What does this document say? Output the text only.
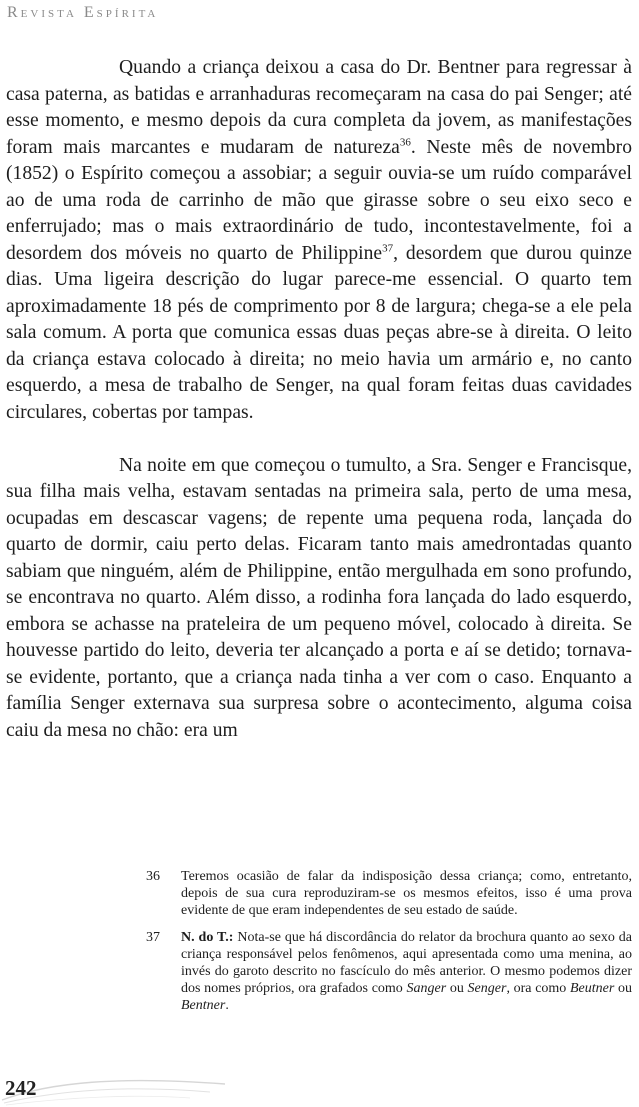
Revista Espírita

Quando a criança deixou a casa do Dr. Bentner para regressar à casa paterna, as batidas e arranhaduras recomeçaram na casa do pai Senger; até esse momento, e mesmo depois da cura completa da jovem, as manifestações foram mais marcantes e mudaram de natureza$^{36}$. Neste mês de novembro (1852) o Espírito começou a assobiar; a seguir ouvia-se um ruído comparável ao de uma roda de carrinho de mão que girasse sobre o seu eixo seco e enferrujado; mas o mais extraordinário de tudo, incontestavelmente, foi a desordem dos móveis no quarto de Philippine$^{37}$, desordem que durou quinze dias. Uma ligeira descrição do lugar parece-me essencial. O quarto tem aproximadamente 18 pés de comprimento por 8 de largura; chega-se a ele pela sala comum. A porta que comunica essas duas peças abre-se à direita. O leito da criança estava colocado à direita; no meio havia um armário e, no canto esquerdo, a mesa de trabalho de Senger, na qual foram feitas duas cavidades circulares, cobertas por tampas.

Na noite em que começou o tumulto, a Sra. Senger e Francisque, sua filha mais velha, estavam sentadas na primeira sala, perto de uma mesa, ocupadas em descascar vagens; de repente uma pequena roda, lançada do quarto de dormir, caiu perto delas. Ficaram tanto mais amedrontadas quanto sabiam que ninguém, além de Philippine, então mergulhada em sono profundo, se encontrava no quarto. Além disso, a rodinha fora lançada do lado esquerdo, embora se achasse na prateleira de um pequeno móvel, colocado à direita. Se houvesse partido do leito, deveria ter alcançado a porta e aí se detido; tornava-se evidente, portanto, que a criança nada tinha a ver com o caso. Enquanto a família Senger externava sua surpresa sobre o acontecimento, alguma coisa caiu da mesa no chão: era um

36	Teremos ocasião de falar da indisposição dessa criança; como, entretanto, depois de sua cura reproduziram-se os mesmos efeitos, isso é uma prova evidente de que eram independentes de seu estado de saúde.
37	N. do T.: Nota-se que há discordância do relator da brochura quanto ao sexo da criança responsável pelos fenômenos, aqui apresentada como uma menina, ao invés do garoto descrito no fascículo do mês anterior. O mesmo podemos dizer dos nomes próprios, ora grafados como Sanger ou Senger, ora como Beutner ou Bentner.
242
